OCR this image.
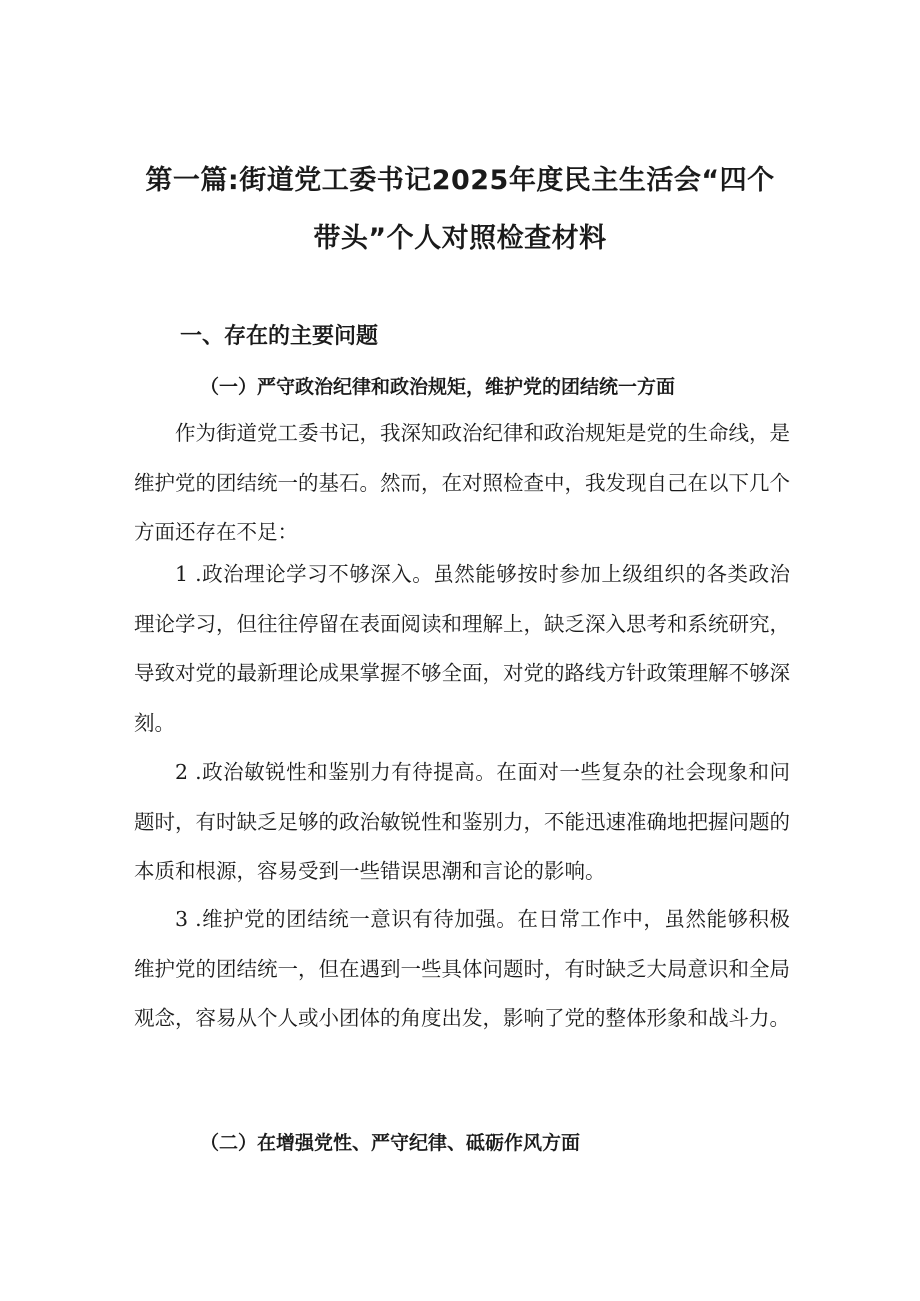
第一篇:街道党工委书记2025年度民主生活会“四个
带头”个人对照检查材料
一、存在的主要问题
（一）严守政治纪律和政治规矩，维护党的团结统一方面

作为街道党工委书记，我深知政治纪律和政治规矩是党的生命线，是维护党的团结统一的基石。然而，在对照检查中，我发现自己在以下几个方面还存在不足：

1 .政治理论学习不够深入。虽然能够按时参加上级组织的各类政治理论学习，但往往停留在表面阅读和理解上，缺乏深入思考和系统研究，导致对党的最新理论成果掌握不够全面，对党的路线方针政策理解不够深刻。

2 .政治敏锐性和鉴别力有待提高。在面对一些复杂的社会现象和问题时，有时缺乏足够的政治敏锐性和鉴别力，不能迅速准确地把握问题的本质和根源，容易受到一些错误思潮和言论的影响。

3 .维护党的团结统一意识有待加强。在日常工作中，虽然能够积极维护党的团结统一，但在遇到一些具体问题时，有时缺乏大局意识和全局观念，容易从个人或小团体的角度出发，影响了党的整体形象和战斗力。

（二）在增强党性、严守纪律、砥砺作风方面
